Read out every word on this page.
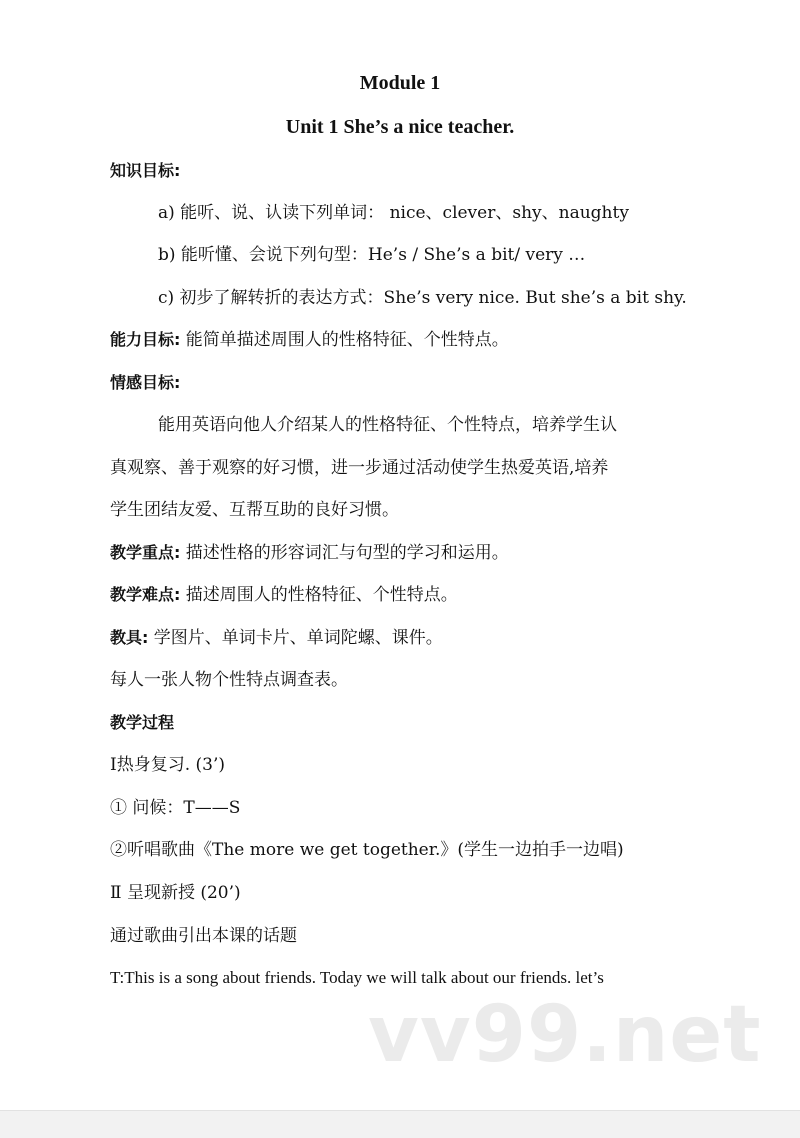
Module 1
Unit 1 She’s a nice teacher.
知识目标:
a) 能听、说、认读下列单词： nice、clever、shy、naughty
b) 能听懂、会说下列句型：He’s / She’s a bit/ very …
c) 初步了解转折的表达方式：She’s very nice. But she’s a bit shy.
能力目标: 能简单描述周围人的性格特征、个性特点。
情感目标:
能用英语向他人介绍某人的性格特征、个性特点，培养学生认
真观察、善于观察的好习惯，进一步通过活动使学生热爱英语,培养
学生团结友爱、互帮互助的良好习惯。
教学重点: 描述性格的形容词汇与句型的学习和运用。
教学难点: 描述周围人的性格特征、个性特点。
教具: 学图片、单词卡片、单词陀螺、课件。
每人一张人物个性特点调查表。
教学过程
Ⅰ热身复习. (3’)
① 问候：T——S
②听唱歌曲《The more we get together.》(学生一边拍手一边唱)
Ⅱ 呈现新授 (20’)
通过歌曲引出本课的话题
T:This is a song about friends. Today we will talk about our friends. let’s
vv99.net
